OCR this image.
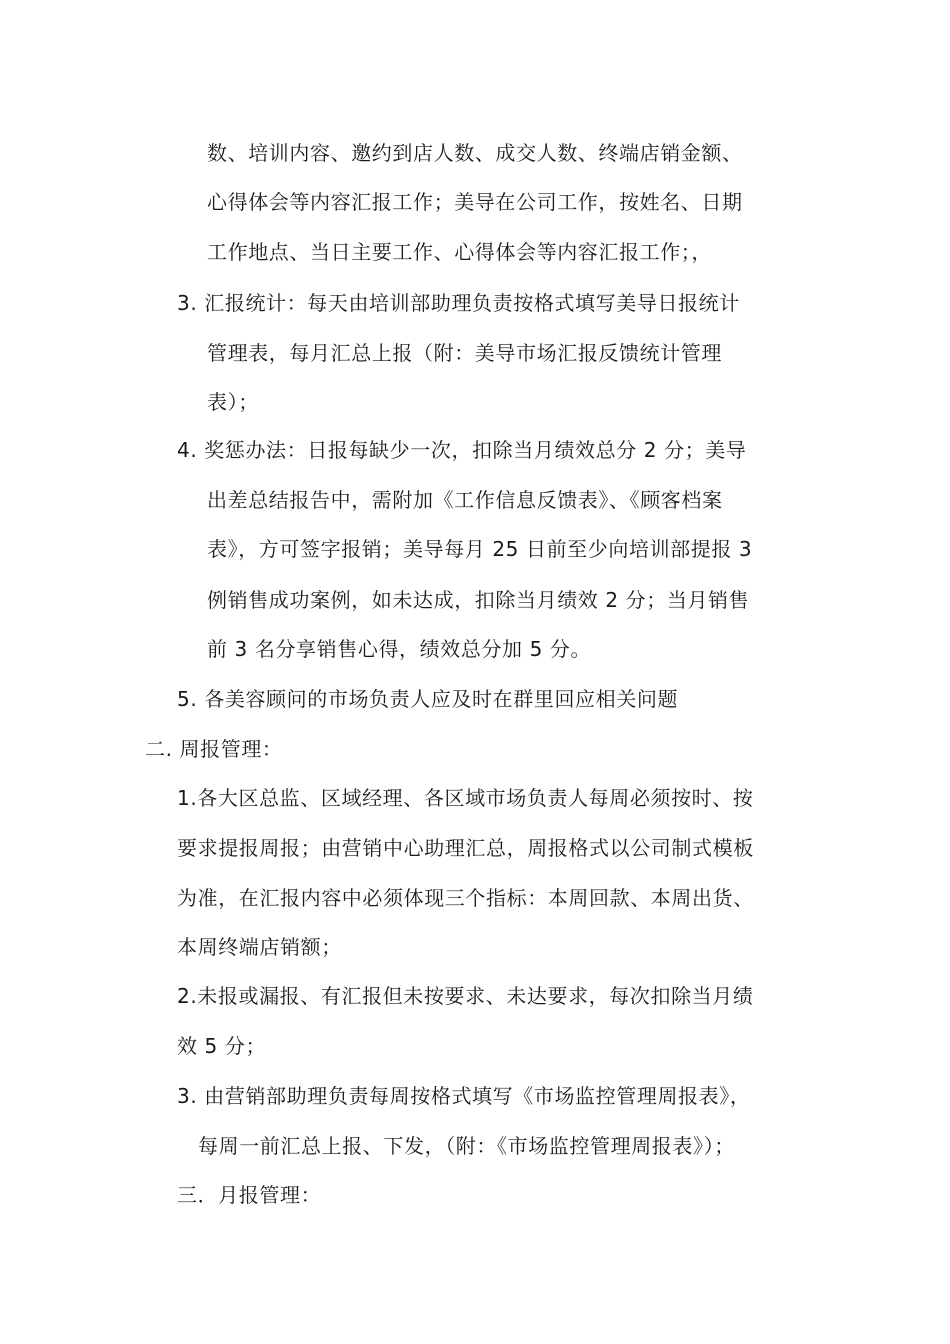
数、培训内容、邀约到店人数、成交人数、终端店销金额、
心得体会等内容汇报工作；美导在公司工作，按姓名、日期
工作地点、当日主要工作、心得体会等内容汇报工作；，
3. 汇报统计：每天由培训部助理负责按格式填写美导日报统计
管理表，每月汇总上报（附：美导市场汇报反馈统计管理
表）；
4. 奖惩办法：日报每缺少一次，扣除当月绩效总分 2 分；美导
出差总结报告中，需附加《工作信息反馈表》、《顾客档案
表》，方可签字报销；美导每月 25 日前至少向培训部提报 3
例销售成功案例，如未达成，扣除当月绩效 2 分；当月销售
前 3 名分享销售心得，绩效总分加 5 分。
5. 各美容顾问的市场负责人应及时在群里回应相关问题
二. 周报管理：
1.各大区总监、区域经理、各区域市场负责人每周必须按时、按
要求提报周报；由营销中心助理汇总，周报格式以公司制式模板
为准，在汇报内容中必须体现三个指标：本周回款、本周出货、
本周终端店销额；
2.未报或漏报、有汇报但未按要求、未达要求，每次扣除当月绩
效 5 分；
3. 由营销部助理负责每周按格式填写《市场监控管理周报表》，
每周一前汇总上报、下发，（附：《市场监控管理周报表》）；
三．月报管理：
